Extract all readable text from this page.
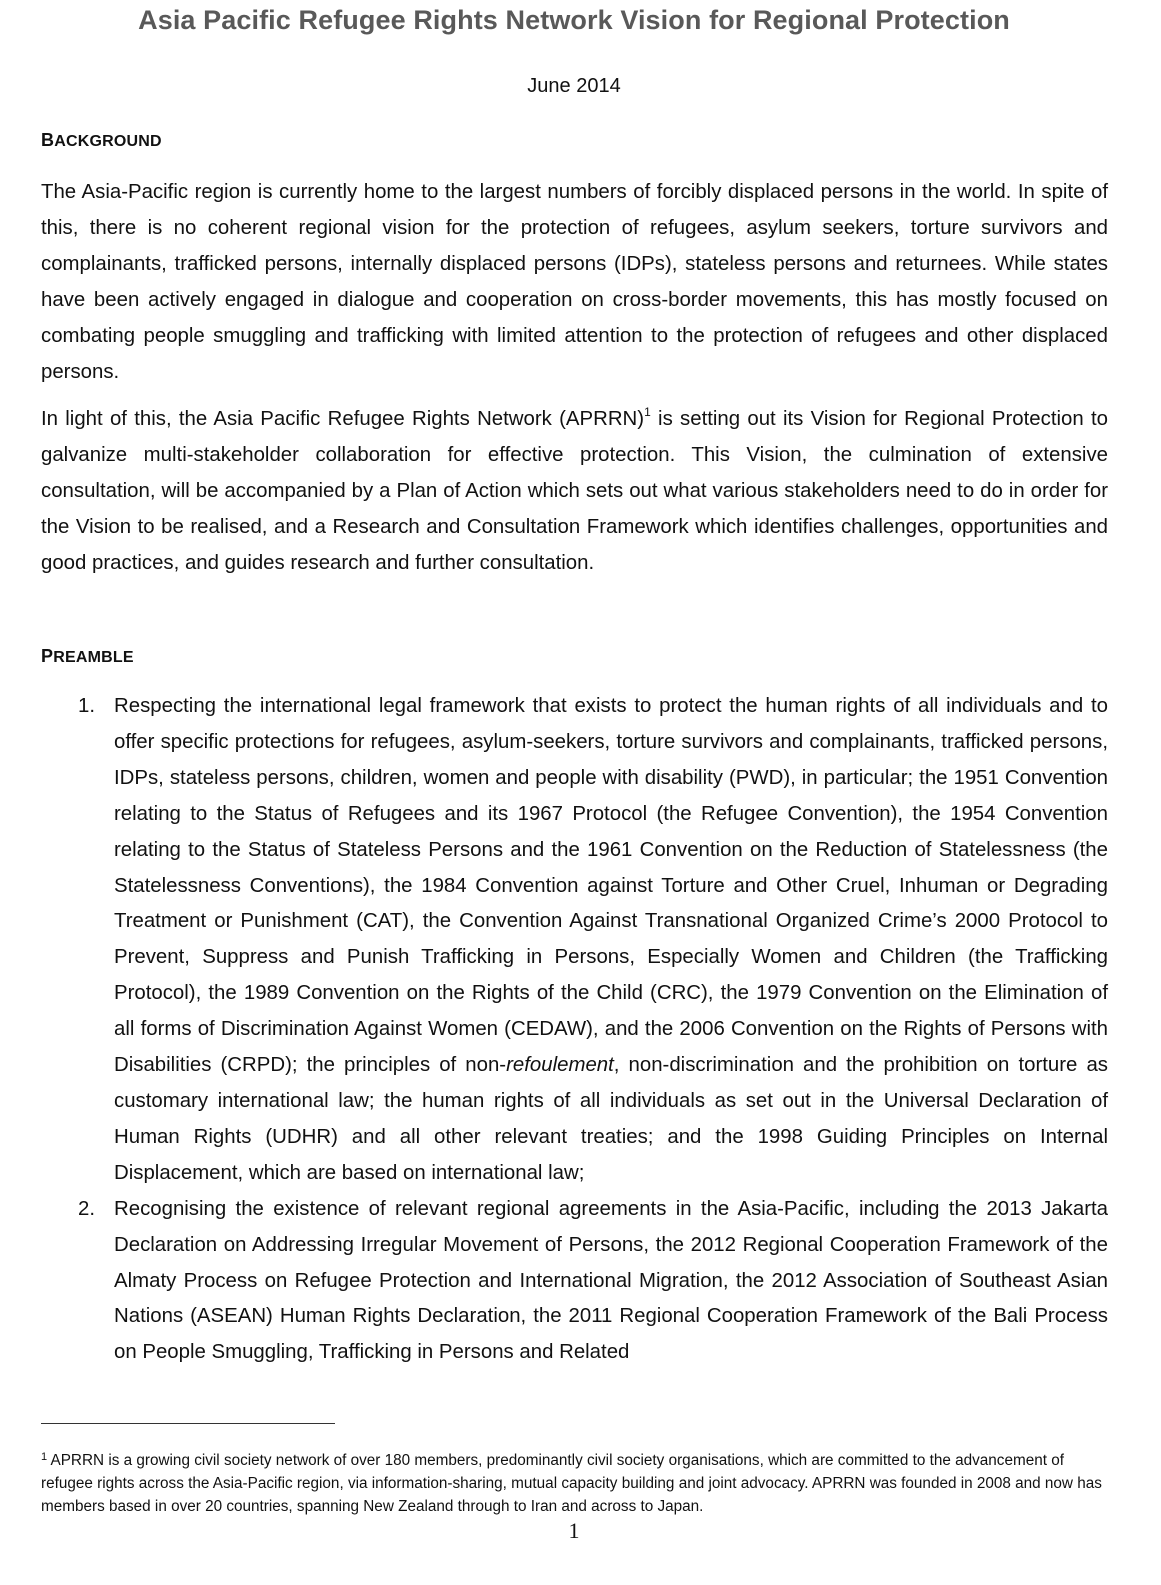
Asia Pacific Refugee Rights Network Vision for Regional Protection

June 2014

BACKGROUND

The Asia-Pacific region is currently home to the largest numbers of forcibly displaced persons in the world. In spite of this, there is no coherent regional vision for the protection of refugees, asylum seekers, torture survivors and complainants, trafficked persons, internally displaced persons (IDPs), stateless persons and returnees. While states have been actively engaged in dialogue and cooperation on cross-border movements, this has mostly focused on combating people smuggling and trafficking with limited attention to the protection of refugees and other displaced persons.

In light of this, the Asia Pacific Refugee Rights Network (APRRN)$^1$ is setting out its Vision for Regional Protection to galvanize multi-stakeholder collaboration for effective protection. This Vision, the culmination of extensive consultation, will be accompanied by a Plan of Action which sets out what various stakeholders need to do in order for the Vision to be realised, and a Research and Consultation Framework which identifies challenges, opportunities and good practices, and guides research and further consultation.

PREAMBLE
1. Respecting the international legal framework that exists to protect the human rights of all individuals and to offer specific protections for refugees, asylum-seekers, torture survivors and complainants, trafficked persons, IDPs, stateless persons, children, women and people with disability (PWD), in particular; the 1951 Convention relating to the Status of Refugees and its 1967 Protocol (the Refugee Convention), the 1954 Convention relating to the Status of Stateless Persons and the 1961 Convention on the Reduction of Statelessness (the Statelessness Conventions), the 1984 Convention against Torture and Other Cruel, Inhuman or Degrading Treatment or Punishment (CAT), the Convention Against Transnational Organized Crime’s 2000 Protocol to Prevent, Suppress and Punish Trafficking in Persons, Especially Women and Children (the Trafficking Protocol), the 1989 Convention on the Rights of the Child (CRC), the 1979 Convention on the Elimination of all forms of Discrimination Against Women (CEDAW), and the 2006 Convention on the Rights of Persons with Disabilities (CRPD); the principles of non-refoulement, non-discrimination and the prohibition on torture as customary international law; the human rights of all individuals as set out in the Universal Declaration of Human Rights (UDHR) and all other relevant treaties; and the 1998 Guiding Principles on Internal Displacement, which are based on international law;
2. Recognising the existence of relevant regional agreements in the Asia-Pacific, including the 2013 Jakarta Declaration on Addressing Irregular Movement of Persons, the 2012 Regional Cooperation Framework of the Almaty Process on Refugee Protection and International Migration, the 2012 Association of Southeast Asian Nations (ASEAN) Human Rights Declaration, the 2011 Regional Cooperation Framework of the Bali Process on People Smuggling, Trafficking in Persons and Related

$^1$ APRRN is a growing civil society network of over 180 members, predominantly civil society organisations, which are committed to the advancement of refugee rights across the Asia-Pacific region, via information-sharing, mutual capacity building and joint advocacy. APRRN was founded in 2008 and now has members based in over 20 countries, spanning New Zealand through to Iran and across to Japan.

1
